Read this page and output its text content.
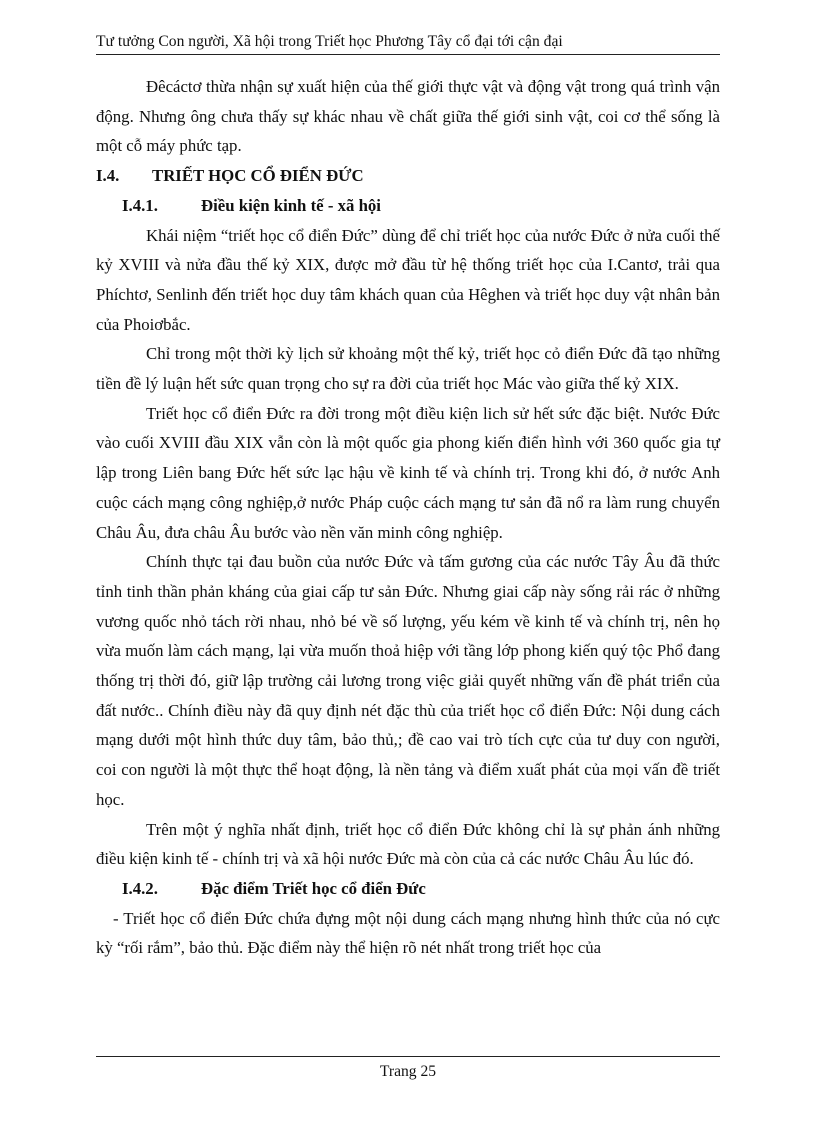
Tư tưởng Con người, Xã hội trong Triết học Phương Tây cổ đại tới cận đại

Đêcáctơ thừa nhận sự xuất hiện của thế giới thực vật và động vật trong quá trình vận động. Nhưng ông chưa thấy sự khác nhau về chất giữa thế giới sinh vật, coi cơ thể sống là một cỗ máy phức tạp.

I.4. TRIẾT HỌC CỔ ĐIỂN ĐỨC
I.4.1.	Điều kiện kinh tế - xã hội

Khái niệm “triết học cổ điển Đức” dùng để chỉ triết học của nước Đức ở nửa cuối thế kỷ XVIII và nửa đầu thế kỷ XIX, được mở đầu từ hệ thống triết học của I.Cantơ, trải qua Phíchtơ, Senlinh đến triết học duy tâm khách quan của Hêghen và triết học duy vật nhân bản của Phoiơbắc.

Chỉ trong một thời kỳ lịch sử khoảng một thế kỷ, triết học cỏ điển Đức đã tạo những tiền đề lý luận hết sức quan trọng cho sự ra đời của triết học Mác vào giữa thế kỷ XIX.

Triết học cổ điển Đức ra đời trong một điều kiện lich sử hết sức đặc biệt. Nước Đức vào cuối XVIII đầu XIX vẫn còn là một quốc gia phong kiến điển hình với 360 quốc gia tự lập trong Liên bang Đức hết sức lạc hậu về kinh tế và chính trị. Trong khi đó, ở nước Anh cuộc cách mạng công nghiệp,ở nước Pháp cuộc cách mạng tư sản đã nổ ra làm rung chuyển Châu Âu, đưa châu Âu bước vào nền văn minh công nghiệp.

Chính thực tại đau buồn của nước Đức và tấm gương của các nước Tây Âu đã thức tỉnh tinh thần phản kháng của giai cấp tư sản Đức. Nhưng giai cấp này sống rải rác ở những vương quốc nhỏ tách rời nhau, nhỏ bé về số lượng, yếu kém về kinh tế và chính trị, nên họ vừa muốn làm cách mạng, lại vừa muốn thoả hiệp với tầng lớp phong kiến quý tộc Phổ đang thống trị thời đó, giữ lập trường cải lương trong việc giải quyết những vấn đề phát triển của đất nước.. Chính điều này đã quy định nét đặc thù của triết học cổ điển Đức: Nội dung cách mạng dưới một hình thức duy tâm, bảo thủ,; đề cao vai trò tích cực của tư duy con người, coi con người là một thực thể hoạt động, là nền tảng và điểm xuất phát của mọi vấn đề triết học.

Trên một ý nghĩa nhất định, triết học cổ điển Đức không chỉ là sự phản ánh những điều kiện kinh tế - chính trị và xã hội nước Đức mà còn của cả các nước Châu Âu lúc đó.

I.4.2.	Đặc điểm Triết học cổ điển Đức

- Triết học cổ điển Đức chứa đựng một nội dung cách mạng nhưng hình thức của nó cực kỳ “rối rắm”, bảo thủ. Đặc điểm này thể hiện rõ nét nhất trong triết học của

Trang 25
